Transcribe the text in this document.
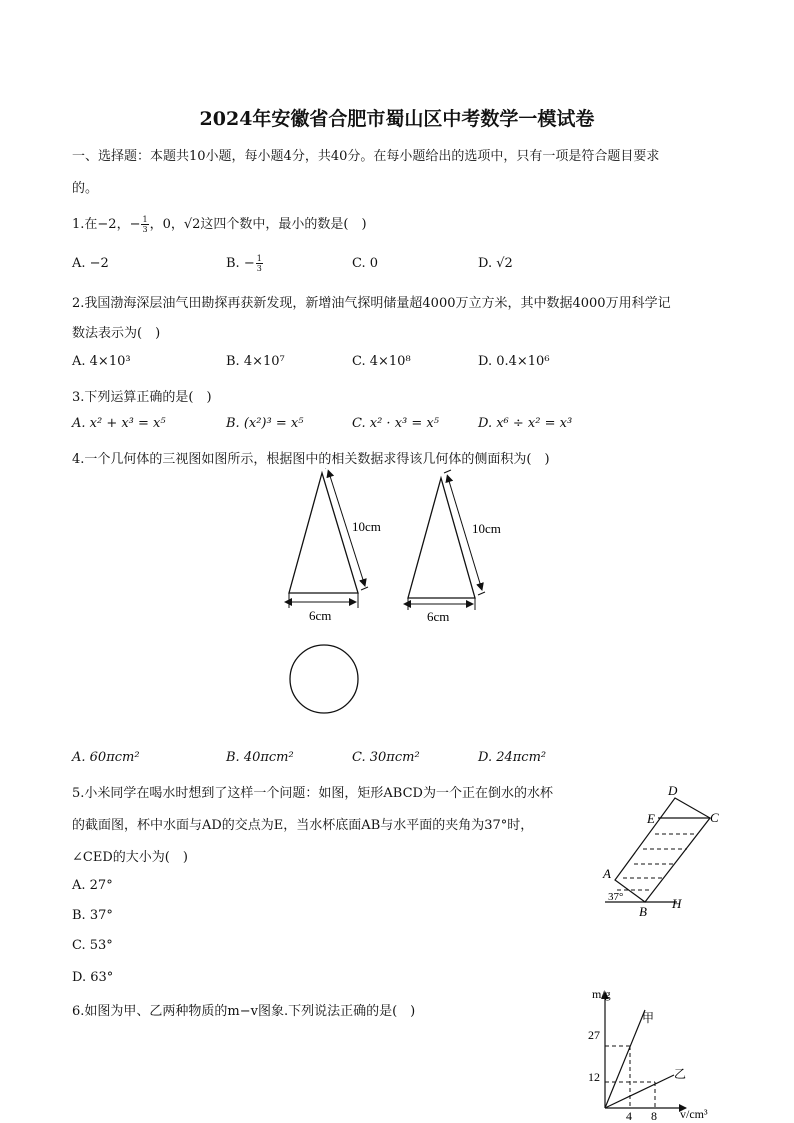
2024年安徽省合肥市蜀山区中考数学一模试卷
一、选择题：本题共10小题，每小题4分，共40分。在每小题给出的选项中，只有一项是符合题目要求
的。
1.在−2，− $\frac{1}{3}$ ，0，√2这四个数中，最小的数是(　)
A. −2	B. − $\frac{1}{3}$	C. 0	D. √2
2.我国渤海深层油气田勘探再获新发现，新增油气探明储量超4000万立方米，其中数据4000万用科学记
数法表示为(　)
A. 4×10³	B. 4×10⁷	C. 4×10⁸	D. 0.4×10⁶
3.下列运算正确的是(　)
A. x² + x³ = x⁵	B. (x²)³ = x⁵	C. x² · x³ = x⁵	D. x⁶ ÷ x² = x³
4.一个几何体的三视图如图所示，根据图中的相关数据求得该几何体的侧面积为(　)
10cm
6cm
10cm
6cm
A. 60πcm²	B. 40πcm²	C. 30πcm²	D. 24πcm²
5.小米同学在喝水时想到了这样一个问题：如图，矩形ABCD为一个正在倒水的水杯
的截面图，杯中水面与AD的交点为E，当水杯底面AB与水平面的夹角为37°时，
∠CED的大小为(　)
A. 27°
B. 37°
C. 53°
D. 63°
D
E	C
A
37°
B
H
6.如图为甲、乙两种物质的m−v图象.下列说法正确的是(　)
m/g
v/cm³
27
12
4 8
甲
乙
